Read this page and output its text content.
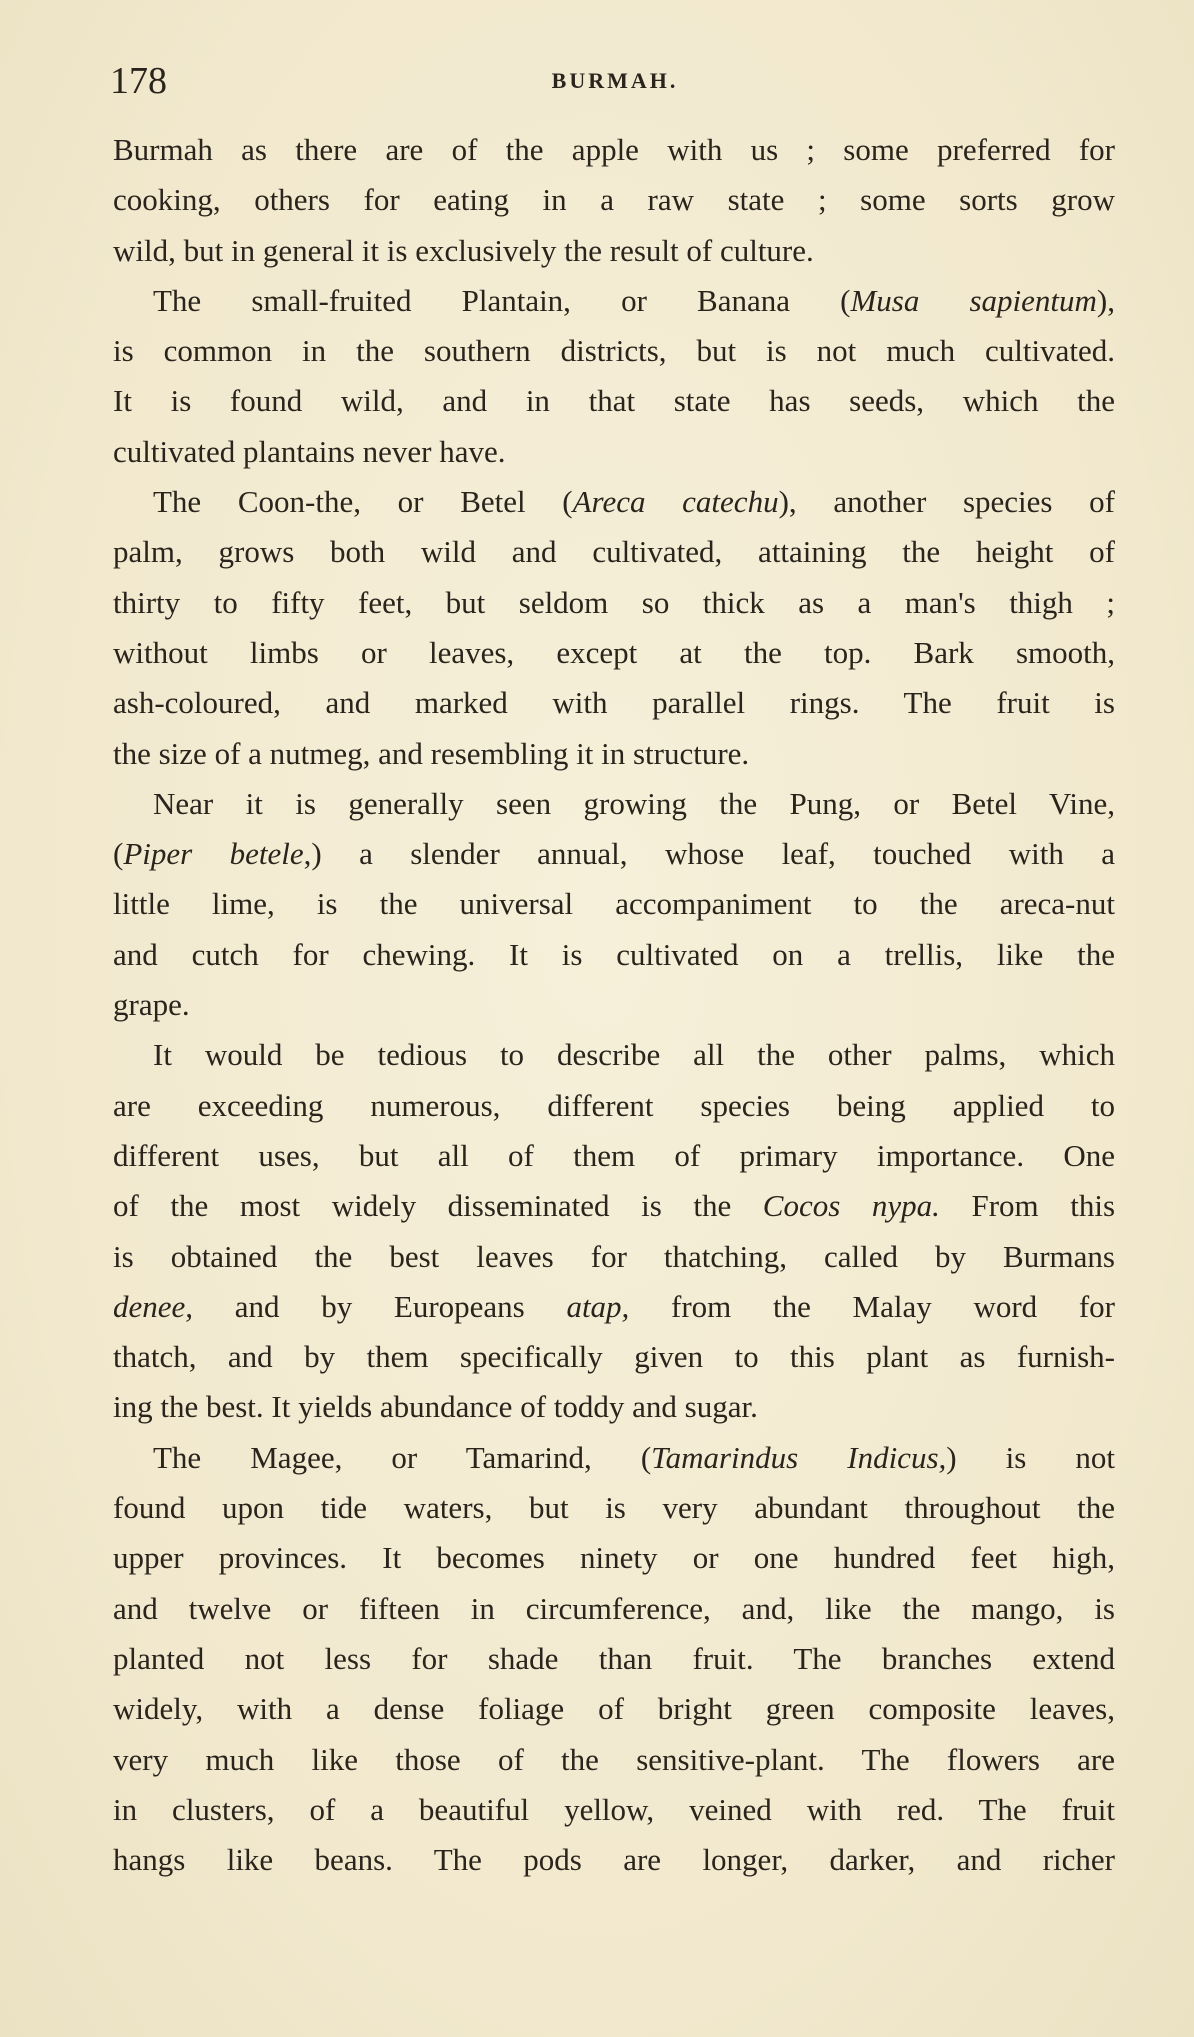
178	BURMAH.
Burmah as there are of the apple with us ; some preferred for
cooking, others for eating in a raw state ; some sorts grow
wild, but in general it is exclusively the result of culture.
The small-fruited Plantain, or Banana (Musa sapientum),
is common in the southern districts, but is not much cultivated.
It is found wild, and in that state has seeds, which the
cultivated plantains never have.
The Coon-the, or Betel (Areca catechu), another species of
palm, grows both wild and cultivated, attaining the height of
thirty to fifty feet, but seldom so thick as a man's thigh ;
without limbs or leaves, except at the top. Bark smooth,
ash-coloured, and marked with parallel rings. The fruit is
the size of a nutmeg, and resembling it in structure.
Near it is generally seen growing the Pung, or Betel Vine,
(Piper betele,) a slender annual, whose leaf, touched with a
little lime, is the universal accompaniment to the areca-nut
and cutch for chewing. It is cultivated on a trellis, like the
grape.
It would be tedious to describe all the other palms, which
are exceeding numerous, different species being applied to
different uses, but all of them of primary importance. One
of the most widely disseminated is the Cocos nypa. From this
is obtained the best leaves for thatching, called by Burmans
denee, and by Europeans atap, from the Malay word for
thatch, and by them specifically given to this plant as furnish-
ing the best. It yields abundance of toddy and sugar.
The Magee, or Tamarind, (Tamarindus Indicus,) is not
found upon tide waters, but is very abundant throughout the
upper provinces. It becomes ninety or one hundred feet high,
and twelve or fifteen in circumference, and, like the mango, is
planted not less for shade than fruit. The branches extend
widely, with a dense foliage of bright green composite leaves,
very much like those of the sensitive-plant. The flowers are
in clusters, of a beautiful yellow, veined with red. The fruit
hangs like beans. The pods are longer, darker, and richer
